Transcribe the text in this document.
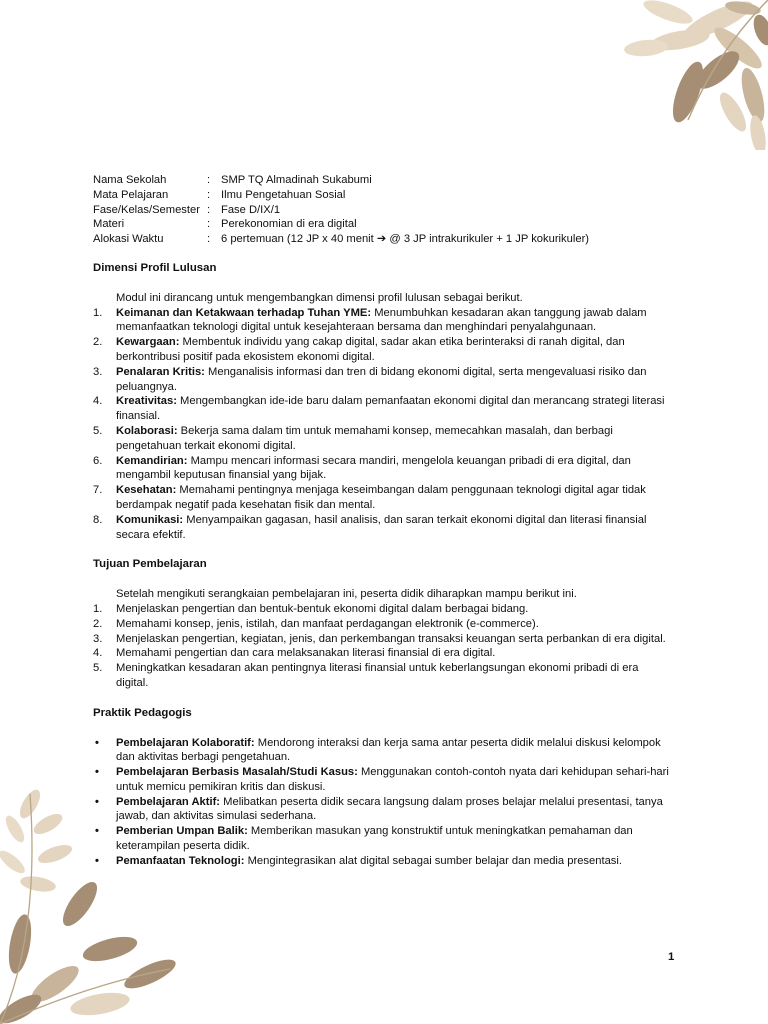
Nama Sekolah	:	SMP TQ Almadinah Sukabumi
Mata Pelajaran	:	Ilmu Pengetahuan Sosial
Fase/Kelas/Semester	:	Fase D/IX/1
Materi	:	Perekonomian di era digital
Alokasi Waktu	:	6 pertemuan (12 JP x 40 menit ➔ @ 3 JP intrakurikuler + 1 JP kokurikuler)
Dimensi Profil Lulusan

Modul ini dirancang untuk mengembangkan dimensi profil lulusan sebagai berikut.

1. Keimanan dan Ketakwaan terhadap Tuhan YME: Menumbuhkan kesadaran akan tanggung jawab dalam memanfaatkan teknologi digital untuk kesejahteraan bersama dan menghindari penyalahgunaan.
2. Kewargaan: Membentuk individu yang cakap digital, sadar akan etika berinteraksi di ranah digital, dan berkontribusi positif pada ekosistem ekonomi digital.
3. Penalaran Kritis: Menganalisis informasi dan tren di bidang ekonomi digital, serta mengevaluasi risiko dan peluangnya.
4. Kreativitas: Mengembangkan ide-ide baru dalam pemanfaatan ekonomi digital dan merancang strategi literasi finansial.
5. Kolaborasi: Bekerja sama dalam tim untuk memahami konsep, memecahkan masalah, dan berbagi pengetahuan terkait ekonomi digital.
6. Kemandirian: Mampu mencari informasi secara mandiri, mengelola keuangan pribadi di era digital, dan mengambil keputusan finansial yang bijak.
7. Kesehatan: Memahami pentingnya menjaga keseimbangan dalam penggunaan teknologi digital agar tidak berdampak negatif pada kesehatan fisik dan mental.
8. Komunikasi: Menyampaikan gagasan, hasil analisis, dan saran terkait ekonomi digital dan literasi finansial secara efektif.
Tujuan Pembelajaran

Setelah mengikuti serangkaian pembelajaran ini, peserta didik diharapkan mampu berikut ini.

1. Menjelaskan pengertian dan bentuk-bentuk ekonomi digital dalam berbagai bidang.
2. Memahami konsep, jenis, istilah, dan manfaat perdagangan elektronik (e-commerce).
3. Menjelaskan pengertian, kegiatan, jenis, dan perkembangan transaksi keuangan serta perbankan di era digital.
4. Memahami pengertian dan cara melaksanakan literasi finansial di era digital.
5. Meningkatkan kesadaran akan pentingnya literasi finansial untuk keberlangsungan ekonomi pribadi di era digital.
Praktik Pedagogis
• Pembelajaran Kolaboratif: Mendorong interaksi dan kerja sama antar peserta didik melalui diskusi kelompok dan aktivitas berbagi pengetahuan.
• Pembelajaran Berbasis Masalah/Studi Kasus: Menggunakan contoh-contoh nyata dari kehidupan sehari-hari untuk memicu pemikiran kritis dan diskusi.
• Pembelajaran Aktif: Melibatkan peserta didik secara langsung dalam proses belajar melalui presentasi, tanya jawab, dan aktivitas simulasi sederhana.
• Pemberian Umpan Balik: Memberikan masukan yang konstruktif untuk meningkatkan pemahaman dan keterampilan peserta didik.
• Pemanfaatan Teknologi: Mengintegrasikan alat digital sebagai sumber belajar dan media presentasi.
1
